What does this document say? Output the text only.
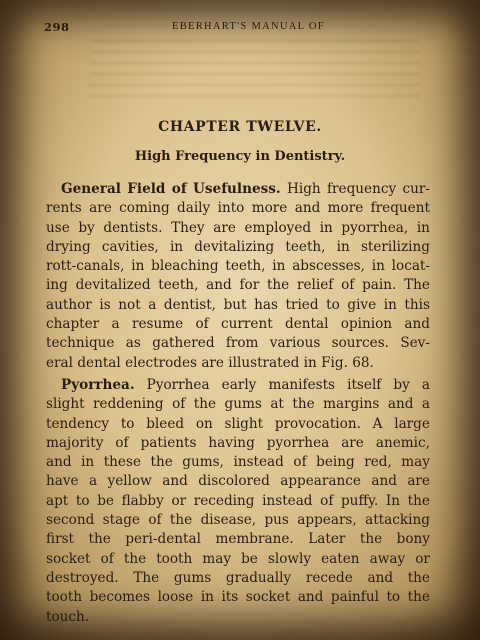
298	EBERHART'S MANUAL OF
CHAPTER TWELVE.
High Frequency in Dentistry.
General Field of Usefulness. High frequency cur-
rents are coming daily into more and more frequent
use by dentists. They are employed in pyorrhea, in
drying cavities, in devitalizing teeth, in sterilizing
rott-canals, in bleaching teeth, in abscesses, in locat-
ing devitalized teeth, and for the relief of pain. The
author is not a dentist, but has tried to give in this
chapter a resume of current dental opinion and
technique as gathered from various sources. Sev-
eral dental electrodes are illustrated in Fig. 68.
Pyorrhea. Pyorrhea early manifests itself by a
slight reddening of the gums at the margins and a
tendency to bleed on slight provocation. A large
majority of patients having pyorrhea are anemic,
and in these the gums, instead of being red, may
have a yellow and discolored appearance and are
apt to be flabby or receding instead of puffy. In the
second stage of the disease, pus appears, attacking
first the peri-dental membrane. Later the bony
socket of the tooth may be slowly eaten away or
destroyed. The gums gradually recede and the
tooth becomes loose in its socket and painful to the
touch.
